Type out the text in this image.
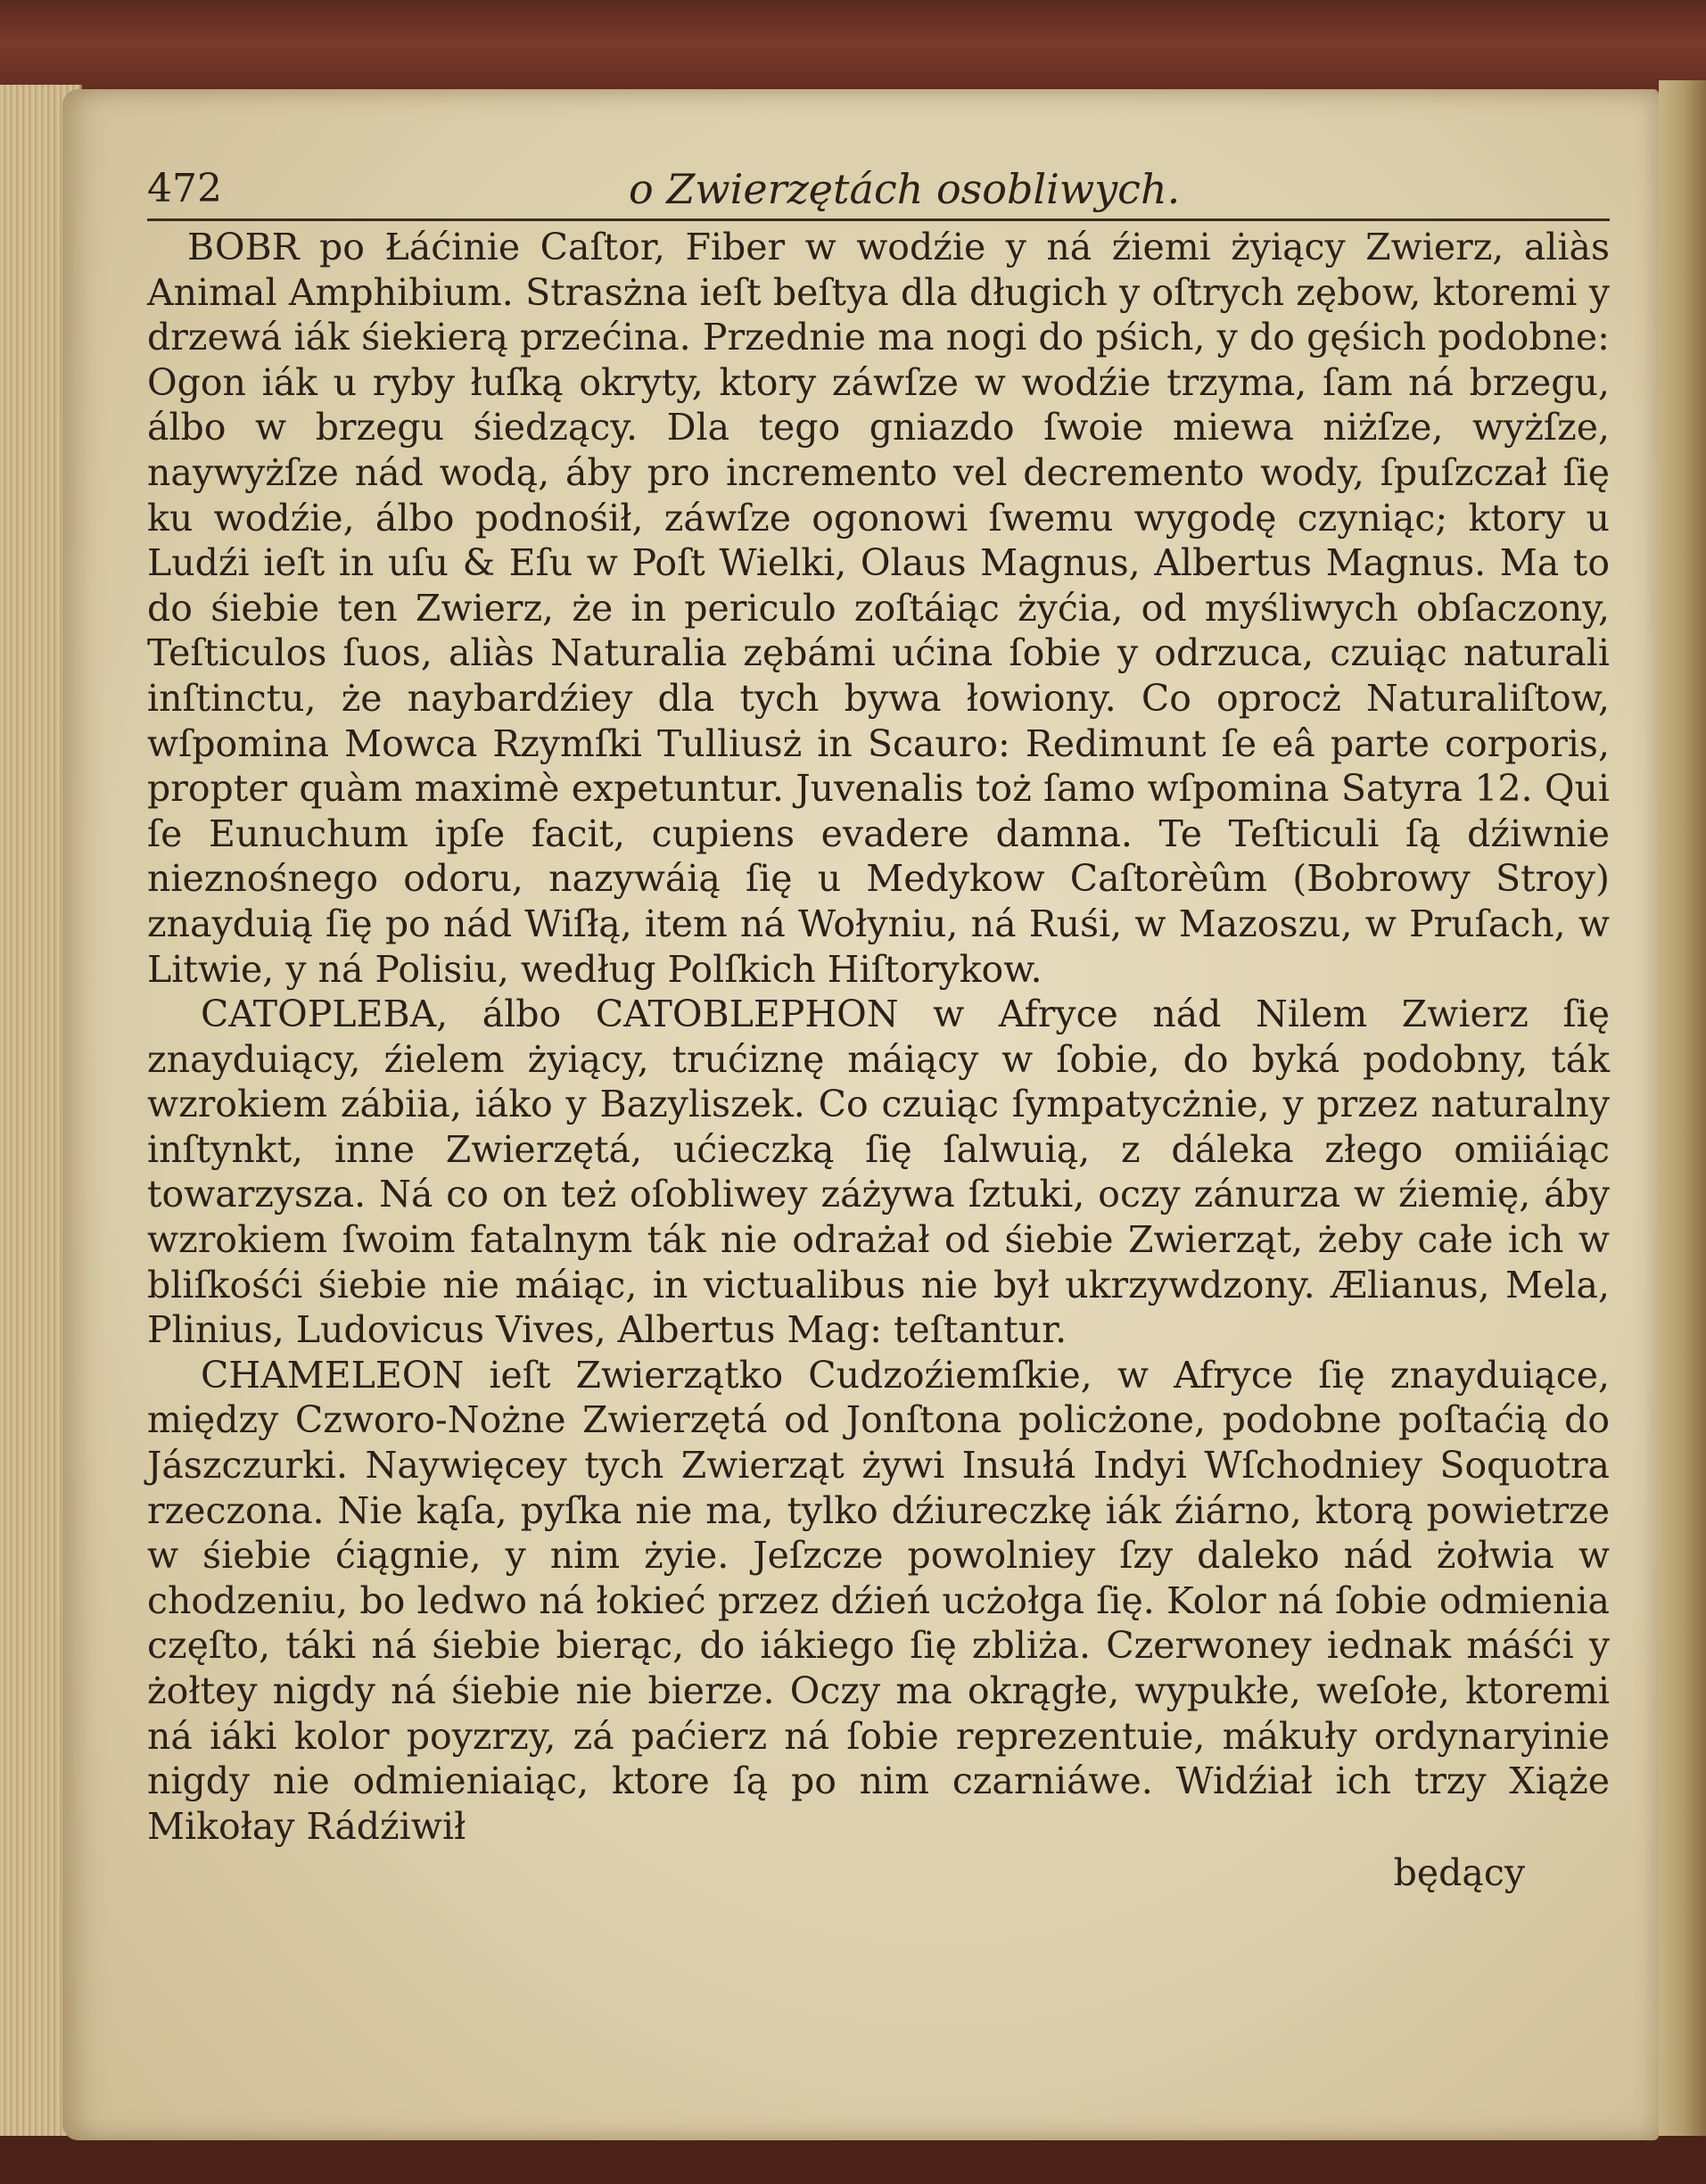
472	o Zwierzętách osobliwych.

BOBR po Łáćinie Caſtor, Fiber w wodźie y ná źiemi żyiący Zwierz, aliàs Animal Amphibium. Strasżna ieſt beſtya dla długich y oſtrych zębow, ktoremi y drzewá iák śiekierą przećina. Przednie ma nogi do pśich, y do gęśich podobne: Ogon iák u ryby łuſką okryty, ktory záwſze w wodźie trzyma, ſam ná brzegu, álbo w brzegu śiedzący. Dla tego gniazdo ſwoie miewa niżſze, wyżſze, naywyżſze nád wodą, áby pro incremento vel decremento wody, ſpuſzczał ſię ku wodźie, álbo podnośił, záwſze ogonowi ſwemu wygodę czyniąc; ktory u Ludźi ieſt in uſu & Eſu w Poſt Wielki, Olaus Magnus, Albertus Magnus. Ma to do śiebie ten Zwierz, że in periculo zoſtáiąc żyćia, od myśliwych obſaczony, Teſticulos ſuos, aliàs Naturalia zębámi ućina ſobie y odrzuca, czuiąc naturali inſtinctu, że naybardźiey dla tych bywa łowiony. Co oprocż Naturaliſtow, wſpomina Mowca Rzymſki Tulliusż in Scauro: Redimunt ſe eâ parte corporis, propter quàm maximè expetuntur. Juvenalis toż ſamo wſpomina Satyra 12. Qui ſe Eunuchum ipſe facit, cupiens evadere damna. Te Teſticuli ſą dźiwnie nieznośnego odoru, nazywáią ſię u Medykow Caſtorèûm (Bobrowy Stroy) znayduią ſię po nád Wiſłą, item ná Wołyniu, ná Ruśi, w Mazoszu, w Pruſach, w Litwie, y ná Polisiu, według Polſkich Hiſtorykow.

CATOPLEBA, álbo CATOBLEPHON w Afryce nád Nilem Zwierz ſię znayduiący, źielem żyiący, trućiznę máiący w ſobie, do byká podobny, ták wzrokiem zábiia, iáko y Bazyliszek. Co czuiąc ſympatycżnie, y przez naturalny inſtynkt, inne Zwierzętá, ućieczką ſię ſalwuią, z dáleka złego omiiáiąc towarzysza. Ná co on też oſobliwey záżywa ſztuki, oczy zánurza w źiemię, áby wzrokiem ſwoim fatalnym ták nie odrażał od śiebie Zwierząt, żeby całe ich w bliſkośći śiebie nie máiąc, in victualibus nie był ukrzywdzony. Ælianus, Mela, Plinius, Ludovicus Vives, Albertus Mag: teſtantur.

CHAMELEON ieſt Zwierzątko Cudzoźiemſkie, w Afryce ſię znayduiące, między Czworo-Nożne Zwierzętá od Jonſtona policżone, podobne poſtaćią do Jászczurki. Naywięcey tych Zwierząt żywi Insułá Indyi Wſchodniey Soquotra rzeczona. Nie kąſa, pyſka nie ma, tylko dźiureczkę iák źiárno, ktorą powietrze w śiebie ćiągnie, y nim żyie. Jeſzcze powolniey ſzy daleko nád żołwia w chodzeniu, bo ledwo ná łokieć przez dźień ucżołga ſię. Kolor ná ſobie odmienia częſto, táki ná śiebie bierąc, do iákiego ſię zbliża. Czerwoney iednak máśći y żołtey nigdy ná śiebie nie bierze. Oczy ma okrągłe, wypukłe, weſołe, ktoremi ná iáki kolor poyzrzy, zá paćierz ná ſobie reprezentuie, mákuły ordynaryinie nigdy nie odmieniaiąc, ktore ſą po nim czarniáwe. Widźiał ich trzy Xiąże Mikołay Rádźiwił

będący
